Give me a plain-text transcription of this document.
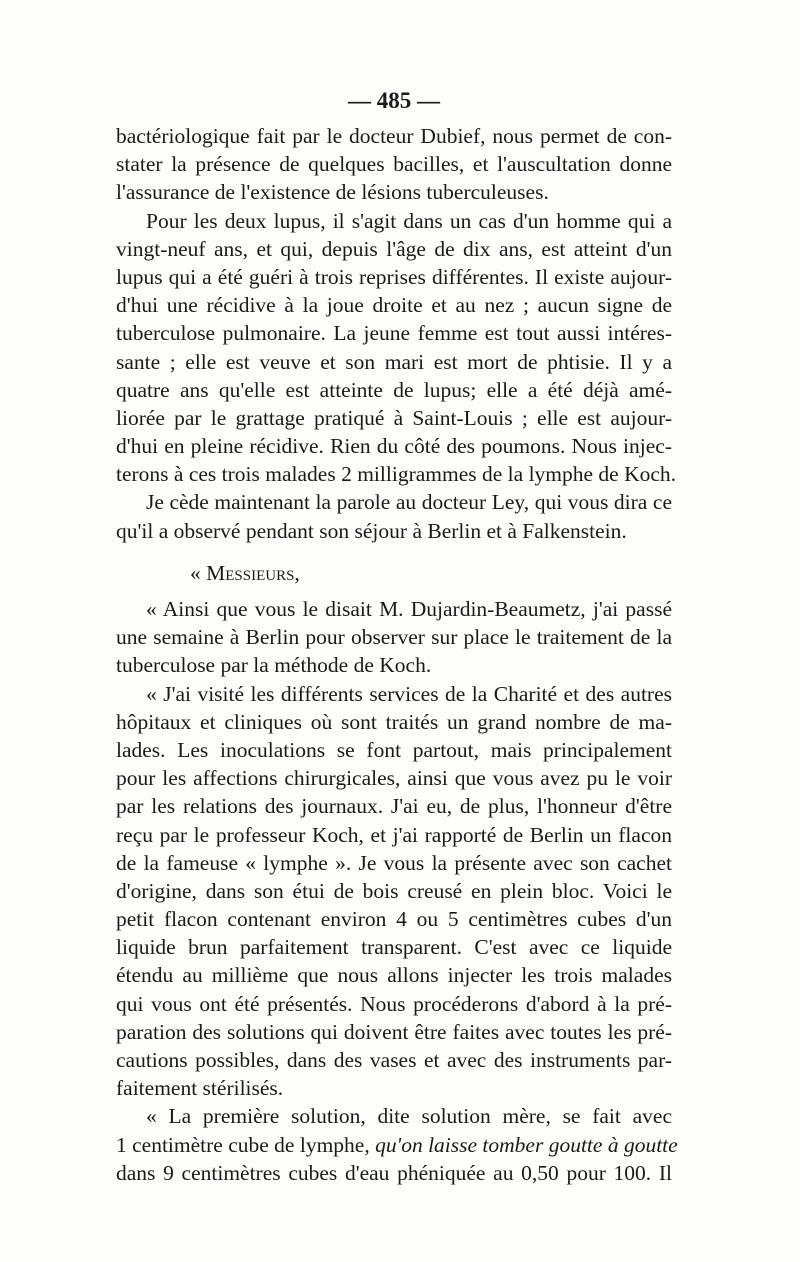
— 485 —
bactériologique fait par le docteur Dubief, nous permet de con-
stater la présence de quelques bacilles, et l'auscultation donne
l'assurance de l'existence de lésions tuberculeuses.
Pour les deux lupus, il s'agit dans un cas d'un homme qui a
vingt-neuf ans, et qui, depuis l'âge de dix ans, est atteint d'un
lupus qui a été guéri à trois reprises différentes. Il existe aujour-
d'hui une récidive à la joue droite et au nez ; aucun signe de
tuberculose pulmonaire. La jeune femme est tout aussi intéres-
sante ; elle est veuve et son mari est mort de phtisie. Il y a
quatre ans qu'elle est atteinte de lupus; elle a été déjà amé-
liorée par le grattage pratiqué à Saint-Louis ; elle est aujour-
d'hui en pleine récidive. Rien du côté des poumons. Nous injec-
terons à ces trois malades 2 milligrammes de la lymphe de Koch.
Je cède maintenant la parole au docteur Ley, qui vous dira ce
qu'il a observé pendant son séjour à Berlin et à Falkenstein.
« Messieurs,
« Ainsi que vous le disait M. Dujardin-Beaumetz, j'ai passé
une semaine à Berlin pour observer sur place le traitement de la
tuberculose par la méthode de Koch.
« J'ai visité les différents services de la Charité et des autres
hôpitaux et cliniques où sont traités un grand nombre de ma-
lades. Les inoculations se font partout, mais principalement
pour les affections chirurgicales, ainsi que vous avez pu le voir
par les relations des journaux. J'ai eu, de plus, l'honneur d'être
reçu par le professeur Koch, et j'ai rapporté de Berlin un flacon
de la fameuse « lymphe ». Je vous la présente avec son cachet
d'origine, dans son étui de bois creusé en plein bloc. Voici le
petit flacon contenant environ 4 ou 5 centimètres cubes d'un
liquide brun parfaitement transparent. C'est avec ce liquide
étendu au millième que nous allons injecter les trois malades
qui vous ont été présentés. Nous procéderons d'abord à la pré-
paration des solutions qui doivent être faites avec toutes les pré-
cautions possibles, dans des vases et avec des instruments par-
faitement stérilisés.
« La première solution, dite solution mère, se fait avec
1 centimètre cube de lymphe, qu'on laisse tomber goutte à goutte
dans 9 centimètres cubes d'eau phéniquée au 0,50 pour 100. Il
